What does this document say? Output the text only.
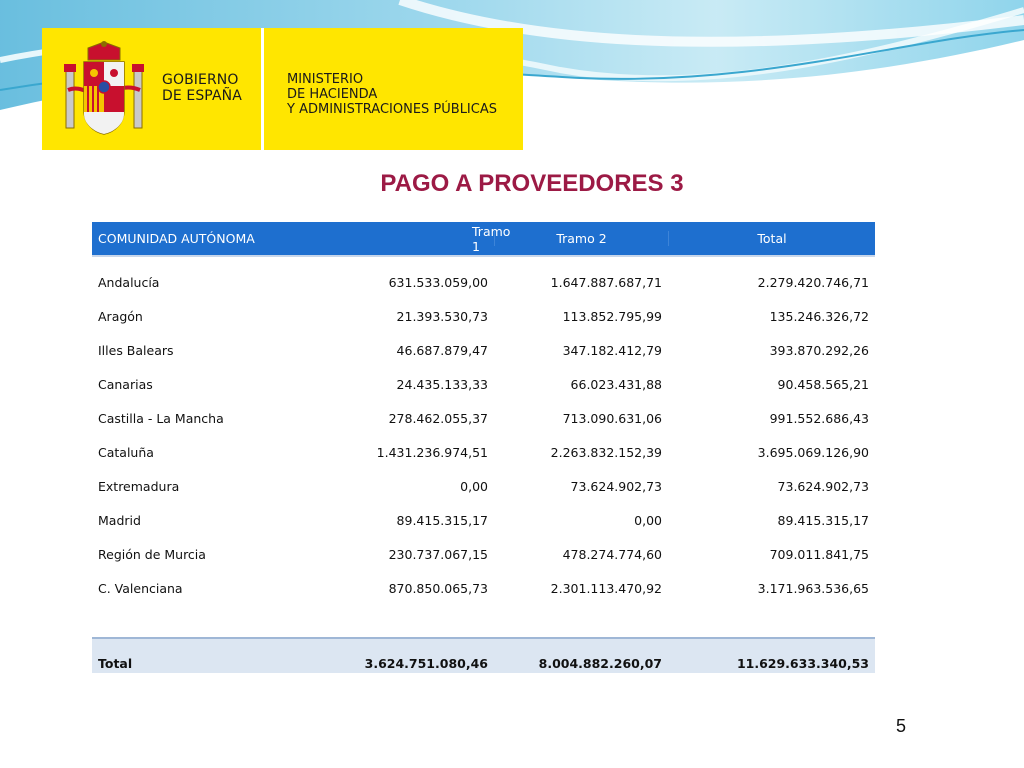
GOBIERNO
DE ESPAÑA
MINISTERIO
DE HACIENDA
Y ADMINISTRACIONES PÚBLICAS
PAGO A PROVEEDORES 3
COMUNIDAD AUTÓNOMA	Tramo 1	Tramo 2	Total
Andalucía	631.533.059,00	1.647.887.687,71	2.279.420.746,71
Aragón	21.393.530,73	113.852.795,99	135.246.326,72
Illes Balears	46.687.879,47	347.182.412,79	393.870.292,26
Canarias	24.435.133,33	66.023.431,88	90.458.565,21
Castilla - La Mancha	278.462.055,37	713.090.631,06	991.552.686,43
Cataluña	1.431.236.974,51	2.263.832.152,39	3.695.069.126,90
Extremadura	0,00	73.624.902,73	73.624.902,73
Madrid	89.415.315,17	0,00	89.415.315,17
Región de Murcia	230.737.067,15	478.274.774,60	709.011.841,75
C. Valenciana	870.850.065,73	2.301.113.470,92	3.171.963.536,65
Total	3.624.751.080,46	8.004.882.260,07	11.629.633.340,53
5
